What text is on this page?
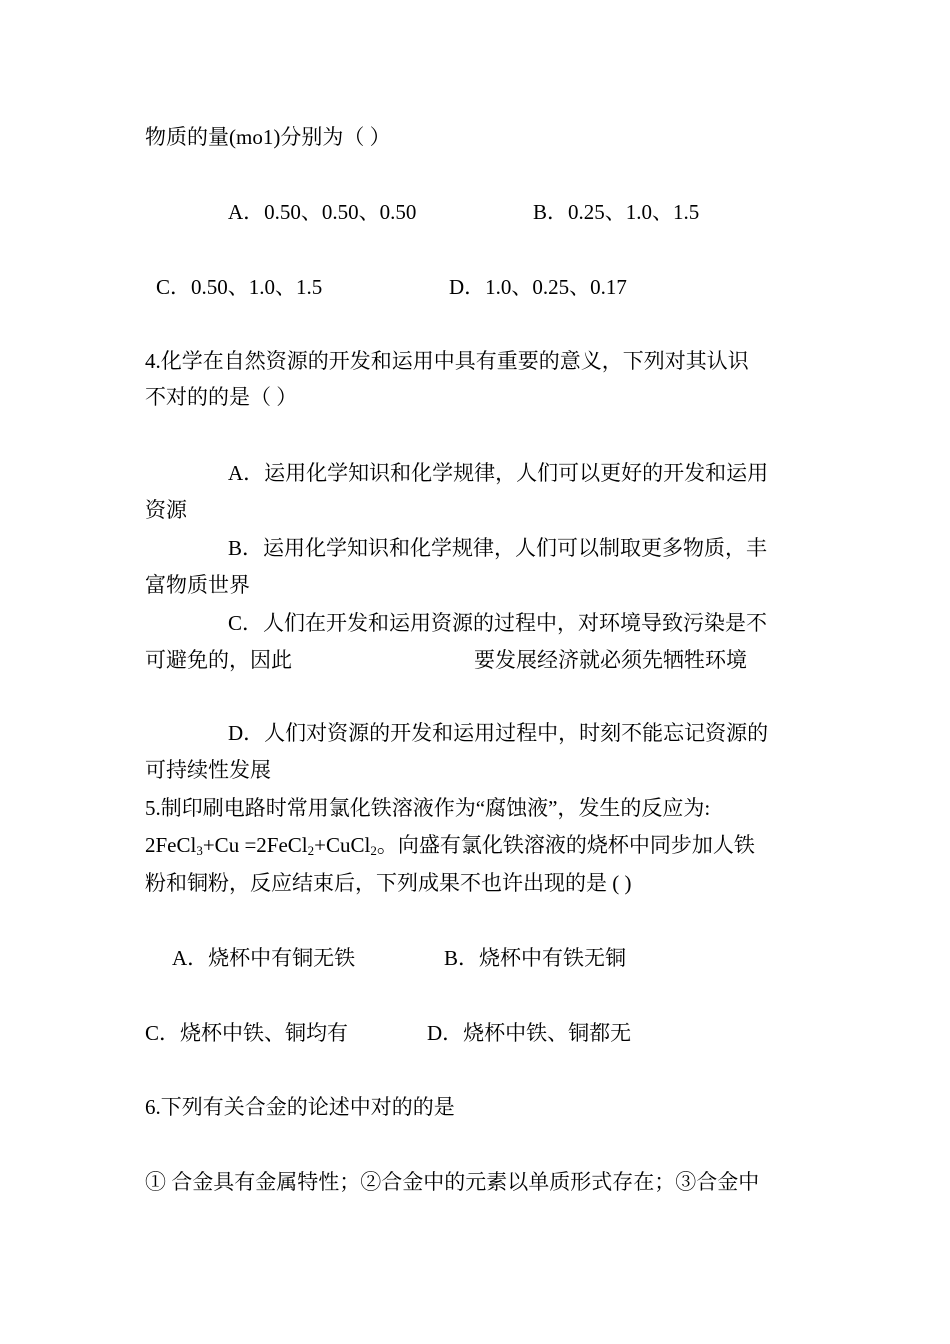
物质的量(mo1)分别为（ ）
A．0.50、0.50、0.50	B．0.25、1.0、1.5
C．0.50、1.0、1.5	D．1.0、0.25、0.17
4.化学在自然资源的开发和运用中具有重要的意义，下列对其认识
不对的的是（ ）
A．运用化学知识和化学规律，人们可以更好的开发和运用
资源
B．运用化学知识和化学规律，人们可以制取更多物质，丰
富物质世界
C．人们在开发和运用资源的过程中，对环境导致污染是不
可避免的，因此	要发展经济就必须先牺牲环境
D．人们对资源的开发和运用过程中，时刻不能忘记资源的
可持续性发展
5.制印刷电路时常用氯化铁溶液作为“腐蚀液”，发生的反应为:
2FeCl$_3$+Cu =2FeCl$_2$+CuCl$_2$。向盛有氯化铁溶液的烧杯中同步加人铁
粉和铜粉，反应结束后，下列成果不也许出现的是 ( )
A．烧杯中有铜无铁	B．烧杯中有铁无铜
C．烧杯中铁、铜均有	D．烧杯中铁、铜都无
6.下列有关合金的论述中对的的是
① 合金具有金属特性；②合金中的元素以单质形式存在；③合金中
